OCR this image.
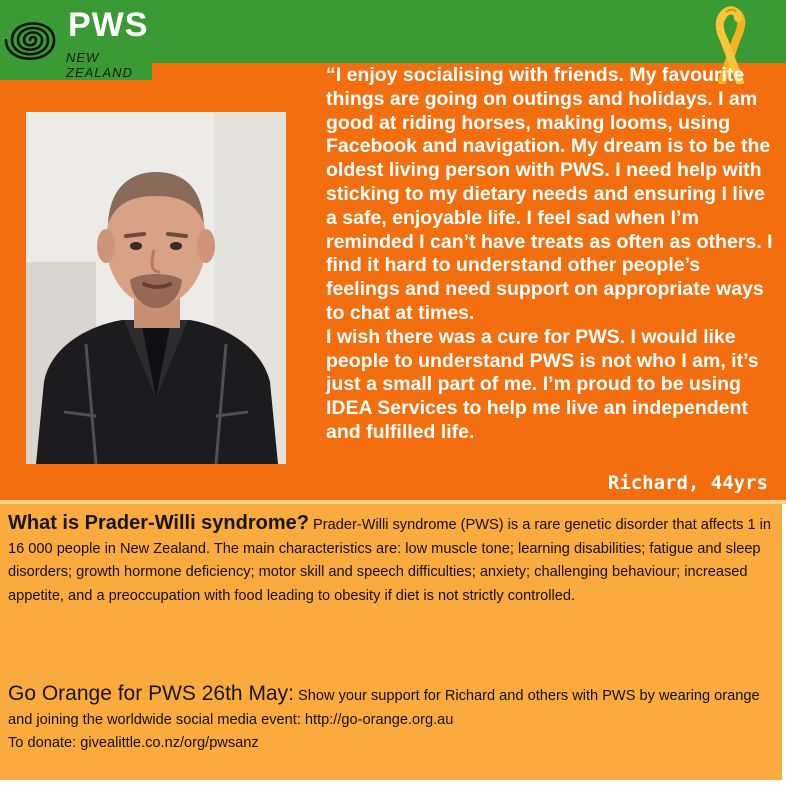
PWS
NEW ZEALAND	“I enjoy socialising with friends. My favourite things are going on outings and holidays. I am good at riding horses, making looms, using Facebook and navigation. My dream is to be the oldest living person with PWS. I need help with sticking to my dietary needs and ensuring I live a safe, enjoyable life. I feel sad when I’m reminded I can’t have treats as often as others. I find it hard to understand other people’s feelings and need support on appropriate ways to chat at times.
I wish there was a cure for PWS. I would like people to understand PWS is not who I am, it’s just a small part of me. I’m proud to be using IDEA Services to help me live an independent and fulfilled life.

Richard, 44yrs

What is Prader-Willi syndrome? Prader-Willi syndrome (PWS) is a rare genetic disorder that affects 1 in 16 000 people in New Zealand. The main characteristics are: low muscle tone; learning disabilities; fatigue and sleep disorders; growth hormone deficiency; motor skill and speech difficulties; anxiety; challenging behaviour; increased appetite, and a preoccupation with food leading to obesity if diet is not strictly controlled.

Go Orange for PWS 26th May: Show your support for Richard and others with PWS by wearing orange and joining the worldwide social media event: http://go-orange.org.au
To donate: givealittle.co.nz/org/pwsanz
